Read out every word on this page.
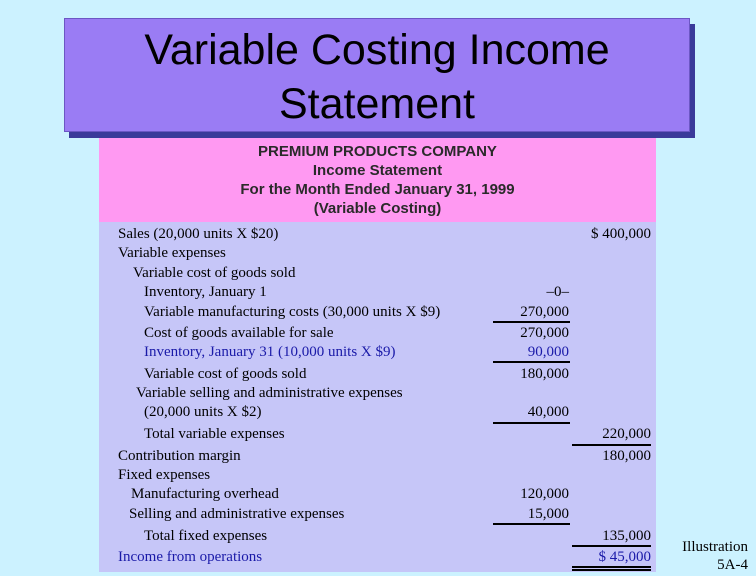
Variable Costing Income
Statement
PREMIUM PRODUCTS COMPANY
Income Statement
For the Month Ended January 31, 1999
(Variable Costing)
Sales (20,000 units X $20)	$ 400,000
Variable expenses
Variable cost of goods sold
Inventory, January 1	–0–
Variable manufacturing costs (30,000 units X $9)	270,000
Cost of goods available for sale	270,000
Inventory, January 31 (10,000 units X $9)	90,000
Variable cost of goods sold	180,000
Variable selling and administrative expenses
(20,000 units X $2)	40,000
Total variable expenses	220,000
Contribution margin	180,000
Fixed expenses
Manufacturing overhead	120,000
Selling and administrative expenses	15,000
Total fixed expenses	135,000
Income from operations	$ 45,000
Illustration
5A-4
